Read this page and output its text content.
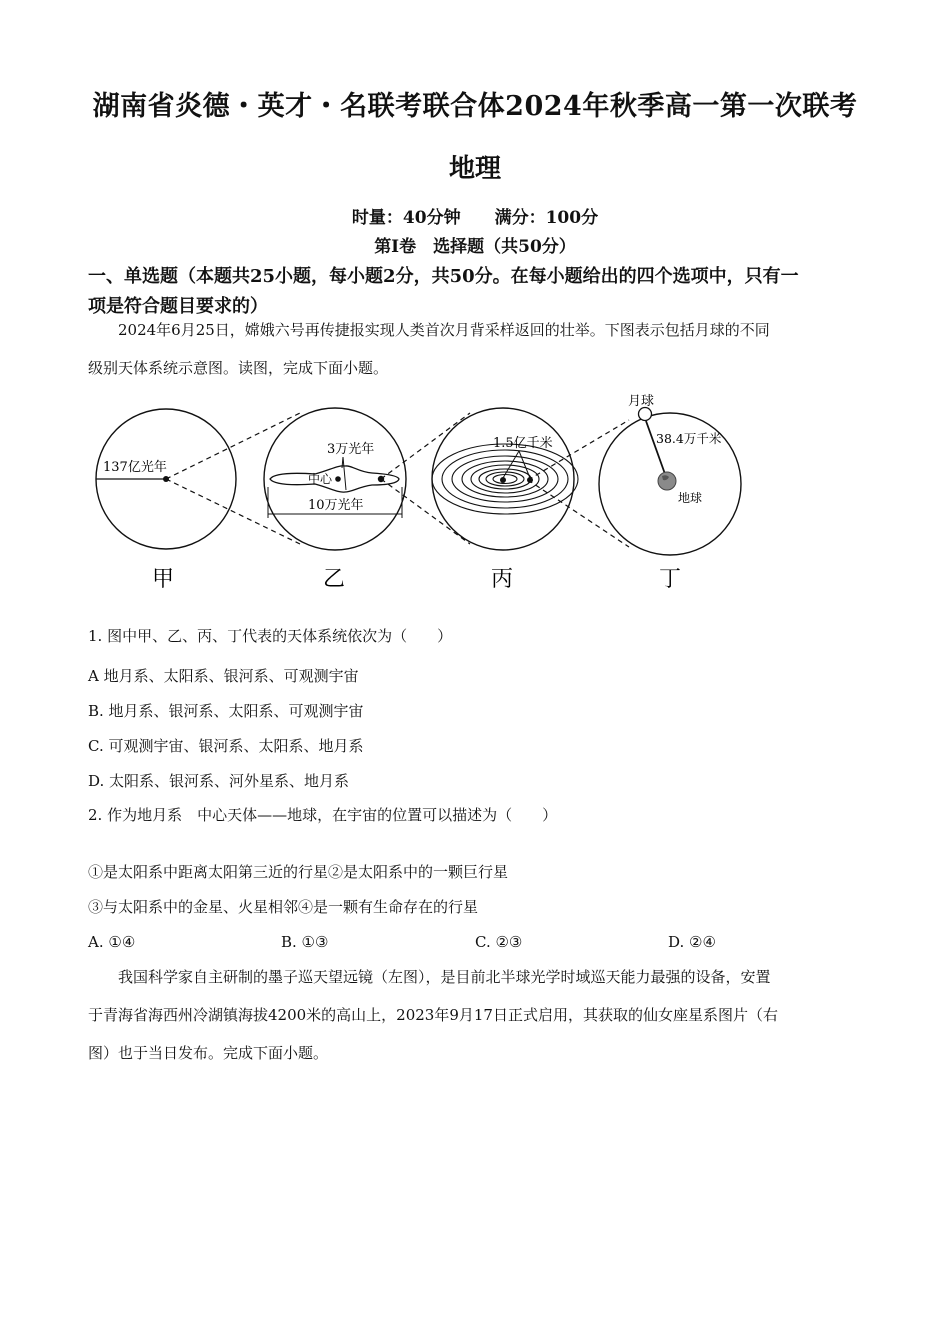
湖南省炎德・英才・名联考联合体2024年秋季高一第一次联考
地理
时量：40分钟　　满分：100分
第Ⅰ卷　选择题（共50分）
一、单选题（本题共25小题，每小题2分，共50分。在每小题给出的四个选项中，只有一
项是符合题目要求的）
2024年6月25日，嫦娥六号再传捷报实现人类首次月背采样返回的壮举。下图表示包括月球的不同
级别天体系统示意图。读图，完成下面小题。
137亿光年
3万光年
中心
10万光年
1.5亿千米
月球
38.4万千米
地球
甲	乙	丙	丁
1. 图中甲、乙、丙、丁代表的天体系统依次为（　　）
A 地月系、太阳系、银河系、可观测宇宙
B. 地月系、银河系、太阳系、可观测宇宙
C. 可观测宇宙、银河系、太阳系、地月系
D. 太阳系、银河系、河外星系、地月系
2. 作为地月系　中心天体——地球，在宇宙的位置可以描述为（　　）
①是太阳系中距离太阳第三近的行星②是太阳系中的一颗巨行星
③与太阳系中的金星、火星相邻④是一颗有生命存在的行星
A. ①④	B. ①③	C. ②③	D. ②④
我国科学家自主研制的墨子巡天望远镜（左图），是目前北半球光学时域巡天能力最强的设备，安置
于青海省海西州冷湖镇海拔4200米的高山上，2023年9月17日正式启用，其获取的仙女座星系图片（右
图）也于当日发布。完成下面小题。
